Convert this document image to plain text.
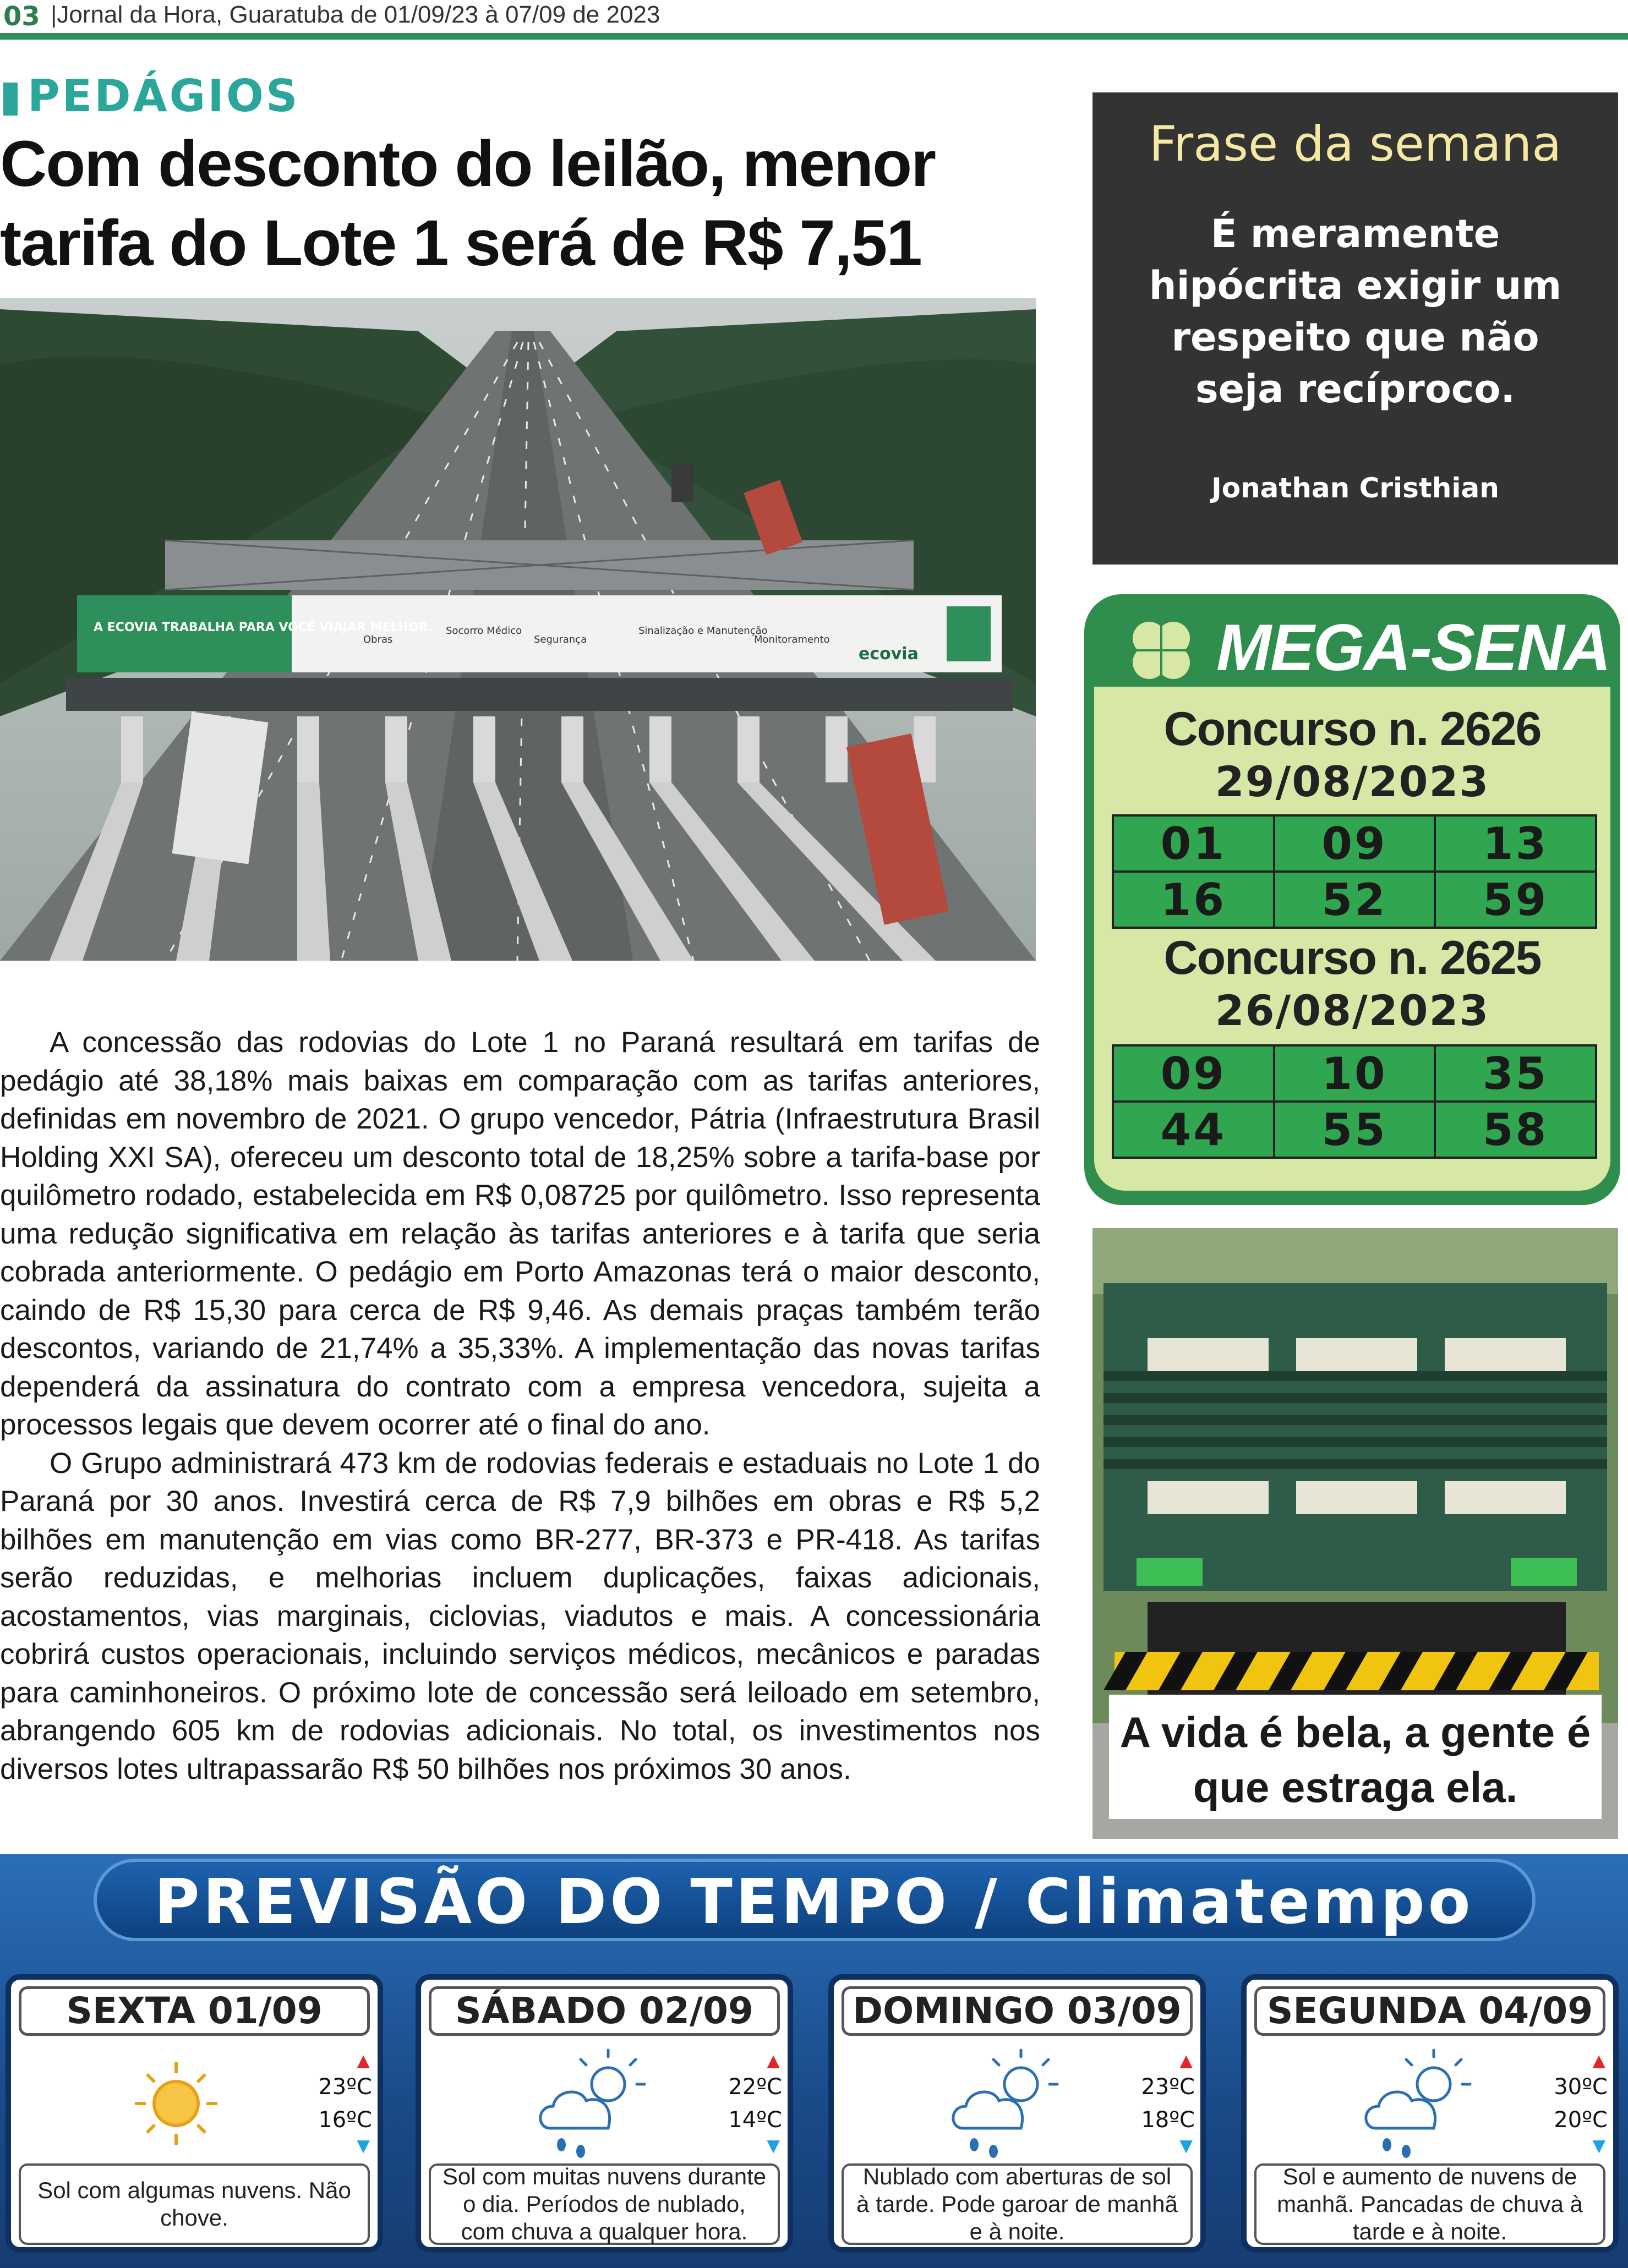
03 |Jornal da Hora, Guaratuba de 01/09/23 à 07/09 de 2023
PEDÁGIOS
Com desconto do leilão, menor tarifa do Lote 1 será de R$ 7,51
A ECOVIA TRABALHA PARA VOCÊ VIAJAR MELHOR.
Obras
Socorro Médico
Segurança
Sinalização e Manutenção
Monitoramento
ecovia

A concessão das rodovias do Lote 1 no Paraná resultará em tarifas de pedágio até 38,18% mais baixas em comparação com as tarifas anteriores, definidas em novembro de 2021. O grupo vencedor, Pátria (Infraestrutura Brasil Holding XXI SA), ofereceu um desconto total de 18,25% sobre a tarifa-base por quilômetro rodado, estabelecida em R$ 0,08725 por quilômetro. Isso representa uma redução significativa em relação às tarifas anteriores e à tarifa que seria cobrada anteriormente. O pedágio em Porto Amazonas terá o maior desconto, caindo de R$ 15,30 para cerca de R$ 9,46. As demais praças também terão descontos, variando de 21,74% a 35,33%. A implementação das novas tarifas dependerá da assinatura do contrato com a empresa vencedora, sujeita a processos legais que devem ocorrer até o final do ano.

O Grupo administrará 473 km de rodovias federais e estaduais no Lote 1 do Paraná por 30 anos. Investirá cerca de R$ 7,9 bilhões em obras e R$ 5,2 bilhões em manutenção em vias como BR-277, BR-373 e PR-418. As tarifas serão reduzidas, e melhorias incluem duplicações, faixas adicionais, acostamentos, vias marginais, ciclovias, viadutos e mais. A concessionária cobrirá custos operacionais, incluindo serviços médicos, mecânicos e paradas para caminhoneiros. O próximo lote de concessão será leiloado em setembro, abrangendo 605 km de rodovias adicionais. No total, os investimentos nos diversos lotes ultrapassarão R$ 50 bilhões nos próximos 30 anos.

Frase da semana
É meramente hipócrita exigir um respeito que não seja recíproco.
Jonathan Cristhian
MEGA-SENA
Concurso n. 2626
29/08/2023
01	09	13
16	52	59
Concurso n. 2625
26/08/2023
09	10	35
44	55	58
A vida é bela, a gente é que estraga ela.
PREVISÃO DO TEMPO / Climatempo
SEXTA 01/09
▲
23ºC
16ºC
▼
Sol com algumas nuvens. Não chove.
SÁBADO 02/09
▲
22ºC
14ºC
▼
Sol com muitas nuvens durante o dia. Períodos de nublado, com chuva a qualquer hora.
DOMINGO 03/09
▲
23ºC
18ºC
▼
Nublado com aberturas de sol à tarde. Pode garoar de manhã e à noite.
SEGUNDA 04/09
▲
30ºC
20ºC
▼
Sol e aumento de nuvens de manhã. Pancadas de chuva à tarde e à noite.
